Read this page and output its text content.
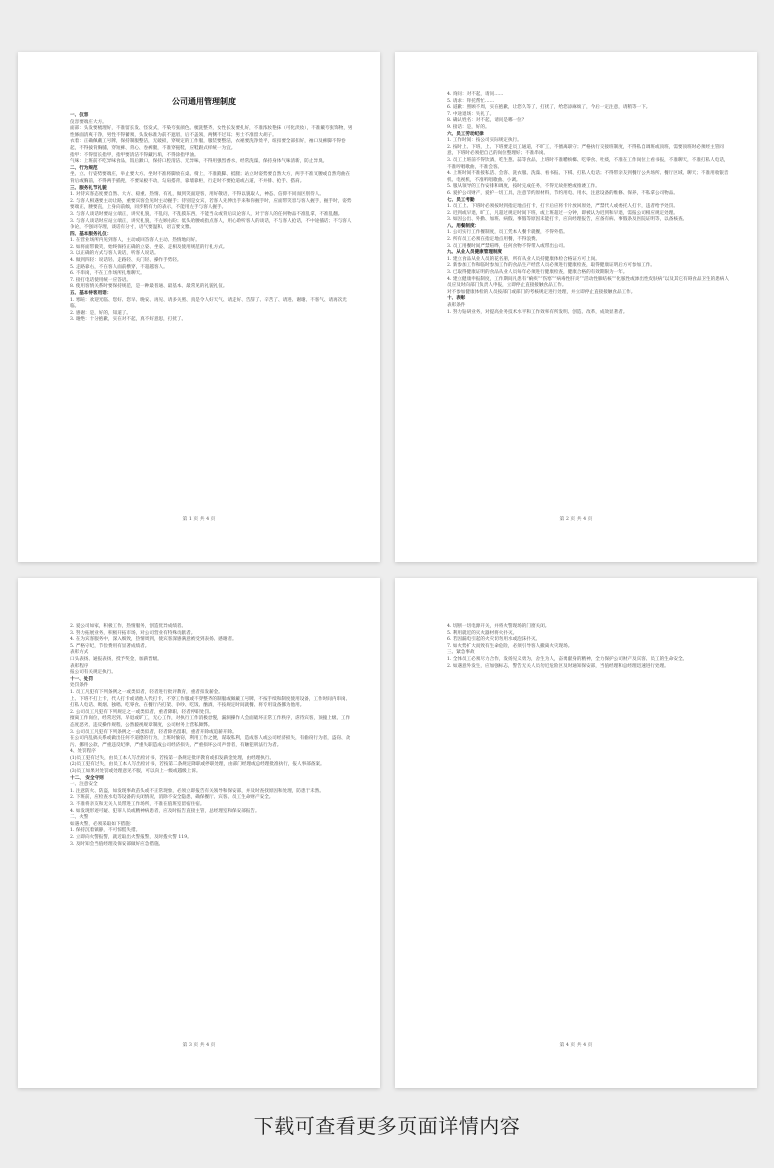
公司通用管理制度
一、仪容
仪容要端庄大方。
面部：头发要梳理好，不准留长发、怪发式，不染夸张颜色。梳洗整齐，女性长发要扎好，不准浓妆艳抹（可化淡妆），不准戴夸张饰物，男性修面清爽干净，男性不得蓄须，头发标准为前不遮眉，后不盖领，两侧不过耳；男士不准留大胡子。
衣着：正确佩戴工号牌，保持制服整洁，无破损，穿规定的工作服，服装要整洁，衣裙要洗净烫平，纽扣要全部扣好，袖口及裤脚不得卷起，不得披背胸脯，穿短裤、背心、卷裤腿，不准穿拖鞋，应鞋跟式样统一为宜。
指甲：不得留长指甲，指甲要清洁不得藏污垢，不得涂指甲油。
气味：上班前不吃异味食品，饭后漱口，保持口腔清洁、无异味，不得用强烈香水，经常洗澡，保持身体气味清新，防止异臭。
二、行为规范
坐、立、行姿势要端庄，举止要大方。坐时不准将脚放在桌、椅上，不准跷脚、抵腿；站立时姿势要自然大方，两手不准叉腰或自然弯曲在背后或胸前，不得两手插兜，不要呆板不动，勾肩搭背，靠墙靠柜，行走时不要抢道或占道，不并排、抢手、搭肩。
三、服务礼节礼貌
1. 对待宾客态度要自然、大方、稳重、热情、有礼，做到笑面迎客，用好敬语，不得以貌取人，神态、信仰不同而区别待人。
2. 与客人相遇要主动让路，重要宾客会见时主动握手；待别是女宾，若客人先伸出手来和你握手时，应面带笑容与客人握手，握手时，姿势要端正，腰要直，上身向前倾，同步稍有力的表示，不能用左手与客人握手。
3. 与客人谈话时要站立端正，讲究礼貌，不乱问，不乱摸东西，不能当众或背后议论客人，对于客人的任何物品不准乱拿，不准乱翻。
3. 与客人谈话时应站立端正，讲究礼貌，不左顾右盼；低头哈腰或指点客人，用心聆听客人的谈话，不与客人抢话，不中途插话；不与客人争论，不强词夺理，谈话有分寸，语气要温和，语言要文雅。
四、基本服务礼仪：
1. 在营业场所内见到客人，主动或回答客人主动、热情地问好。
2. 如将面带微笑，始终保持正确的立姿、坐姿、走相及使用规范的行礼方式。
3. 以正确的方式与客人说话，听客人说话。
4. 做到四轻：说话轻、走路轻、关门轻、操作手势轻。
5. 走路靠右，不在客人面前横穿，不超越客人。
6. 不串岗，不在工作场所扎堆聊天。
7. 接打电话使用统一应答语。
8. 使用客情关系时要保持规范，是一种最普通、最基本、最常见的礼貌礼仪。
五、基本待客用语：
1. 寒暄：欢迎光临、您好、您早、晚安、再见、请多关照、真是令人好天气、请走好、告辞了、辛苦了、请进、谢谢、不客气、请再次光临。
2. 感谢：是，好的，知道了。
3. 谢绝：十分抱歉，实在对不起，真不好意思，打扰了。
第 1 页 共 4 页
4. 询问：对不起，请问……
5. 请求：拜托帮忙……
6. 道歉：照顾不周，实在抱歉，让您久等了，打扰了，给您添麻烦了，今后一定注意，请稍等一下。
7. 中途退场：失礼了。
8. 确认姓名：对不起，请问是哪一位？
9. 接话：是，好的。
六、员工劳动纪律
1. 工作时间：按公司实际规定执行。
2. 按时上、下班，上、下班要走员工通道，不旷工，不擅离职守；严格执行交接班制度，不得私自调班或顶班，需要顶班时必须经主管同意，下班时必须把自己的岗位整理好；不准串岗。
3. 员工上班前不得饮酒，吃生葱、蒜等食品，上班时不准嚼槟榔、吃零食、吐痰，不准在工作岗位上看书报，不准聊天，不准打私人电话，不准哼唱歌曲，不准会客。
4. 上班时间不准接私活、会客、洗衣服、洗澡、看书报、下棋、打私人电话；不得带亲友到餐厅公共场所、餐厅区域、聊天；不准用收银音机、电视机，不准听唱歌曲、小调。
5. 服从领导的工作安排和调度，按时完成任务，不得无故拒绝或推诿工作。
6. 爱护公司财产，爱护一切工具，注意节约原材料，节约用电、用水，注意设备的维修、保养，不私拿公司物品。
七、员工考勤
1. 员工上、下班时必须按时到指定地点打卡，打卡后应将卡片放回原处，严禁代人或委托人打卡，违者给予处罚。
2. 迟到或早退，旷工，凡超过规定时间下班，或上班超过一分钟，即被认为迟到和早退，需报公司相应规定处理。
3. 如因公出、外勤、加班、病假、事假等原因未能打卡，应向经理报告，应备有病、事假条及医院证明等，以备核查。
八、用餐制度：
1. 公司实行工作餐制度，员工凭本人餐卡就餐，不得外借。
2. 所有员工必须在指定地点用餐，不得浪费。
3. 员工用餐时间严禁喧哗，任何食物不得带入或带出公司。
九、从业人员健康管理制度
1. 建立食品从业人员的花名册，所有从业人员持健康体检合格证方可上岗。
2. 新参加工作和临时参加工作的食品生产经营人员必须进行健康检查，取得健康证明后方可参加工作。
3. 已取得健康证明的食品从业人员每年必须进行健康检查，健康合格的有效期限为一年。
4. 建立健康申报制度，工作期间凡患有“痢疾”“伤寒”“病毒性肝炎”“活动性肺结核”“化脓性或渗出性皮肤病”以及其它有碍食品卫生的患病人员应及时向部门负责人申报，立即停止直接接触食品工作。
对不参加健康体检的人员按部门或部门的考核规定进行处理，并立即停止直接接触食品工作。
十、表彰
表彰条件
1. 努力钻研业务，对提高业务技术水平和工作效率有所发明、创造、改革，成效显著者。
第 2 页 共 4 页
2. 爱公司如家，积极工作，热情服务，创造优异成绩者。
3. 努力拓展业务，积极开拓市场，对公司营业有特殊贡献者。
4. 在为宾客服务中，深入细致，热情周到，使宾客深感满意被受到表扬、感谢者。
5. 严格守纪，节俭费用有显著成绩者。
表彰方式
口头表扬、通报表扬，授予奖金，加薪晋级。
表彰程序
报公司有关规定执行。
十一、处罚
处罚条件
1. 员工凡犯有下列条例之一或类似者，轻者进行批评教育，重者扣发薪金。
上、下班不打上卡，代人打卡或请他人代打卡，不穿工作服或不穿整齐的制服或佩戴工号牌，不按手续和制度使用设备，工作时间内串岗、打私人电话、吸烟、独唱、吃零食、在餐厅内打架、争吵、吃饭、酗酒，不按规定时间就餐、将专用设备挪为他用。
2. 公司员工凡犯有下列规定之一或类似者，重者降职，轻者停职处罚。
擅离工作岗位，经常迟到、早退或旷工，无心工作，对执行工作消极怠慢，漏洞操作人会面破坏正常工作秩序，虐待宾客，顶撞上级、工作态度恶劣，违反操作规程，公然藐视规章制度，公司财务上营私舞弊。
3. 公司员工凡犯有下列条例之一或类似者，轻者除名留职，重者开除或追薪开除。
在公司内乱搞关系或做出任何不道德的行为，上班时偷窃，利用工作之便，谋取私利，造成客人或公司经济损失，有偷窃行为者，盗窃、贪污、挪用公款，严重违反纪律，严重失职造成公司经济损失，严重损坏公司声誉者，有触犯刑法行为者。
4、处罚程序
(1)员工犯有过失，由员工本人写出检讨书，若按第一条规定批评教育或扣发薪金处理，由经理执行。
(2)员工犯有过失，由员工本人写出检讨书，若按第二条规定降职或停职处理，由部门经理或总经理批准执行，报人事部备案。
(3)员工如果对处罚或处理意见不服，可以向上一级或越级上诉。
十二、 安全守则
一、注意安全
1. 注意防火、防盗，如发现事故苗头或不正常现象，必须立即报告有关领导和保安部，并及时查找原因和处理，防患于未然。
2. 下班前，应检查水电等设备的关闭情况，消除不安全隐患，确保餐厅、宾客、员工生命财产安全。
3. 不准将亲友和无关人员带进工作场所，不准在值班室留宿住宿。
4. 如发现形迹可疑、犯罪人员或精神病患者，应及时报告直接主管，总经理室和保安部报告。
二、火警
如遇火警，必须采取如下措施：
1. 保持沉着镇静，不可惊慌失措。
2. 立即向火警报警，就近取出火警报警，及时拨火警 119。
3. 及时知会当值经理及保安部做好应急措施。
第 3 页 共 4 页
4. 切断一切电源开关，并将火警现场的门窗关闭。
5. 利用就近的灭火器材将火扑灭。
6. 若因漏电引起的火灾切勿用水或泡沫扑灭。
7. 如火势扩大而致有生命危险，必须引导客人撤离火灾现场。
三、紧急事故
1. 全体员工必须尽力合作，发扬见义勇为，舍生为人，奋勇献身的精神，全力保护公司财产及宾客、员工的生命安全。
2. 如遇意外发生，应加强标志，警告无关人员勿近危险区及时通知保安部，当值经理和总经理迅速进行处理。
第 4 页 共 4 页
下载可查看更多页面详情内容
